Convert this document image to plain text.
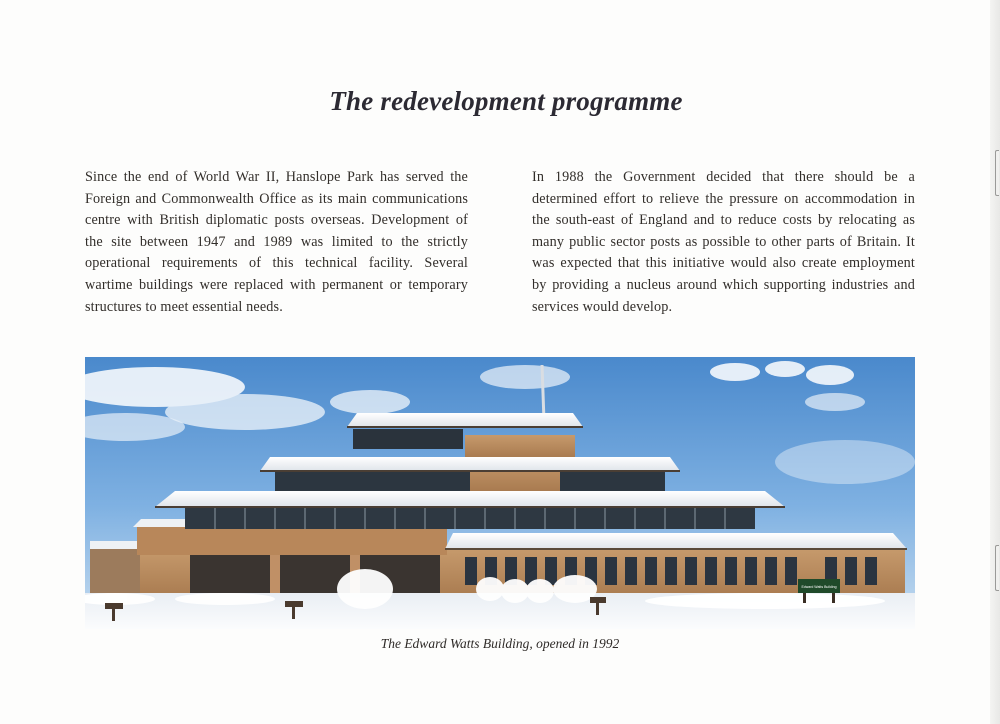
The redevelopment programme

Since the end of World War II, Hanslope Park has served the Foreign and Commonwealth Office as its main communications centre with British diplomatic posts overseas. Development of the site between 1947 and 1989 was limited to the strictly operational requirements of this technical facility. Several wartime buildings were replaced with permanent or temporary structures to meet essential needs.

In 1988 the Government decided that there should be a determined effort to relieve the pressure on accommodation in the south-east of England and to reduce costs by relocating as many public sector posts as possible to other parts of Britain. It was expected that this initiative would also create employment by providing a nucleus around which supporting industries and services would develop.

Edward Watts Building

The Edward Watts Building, opened in 1992
